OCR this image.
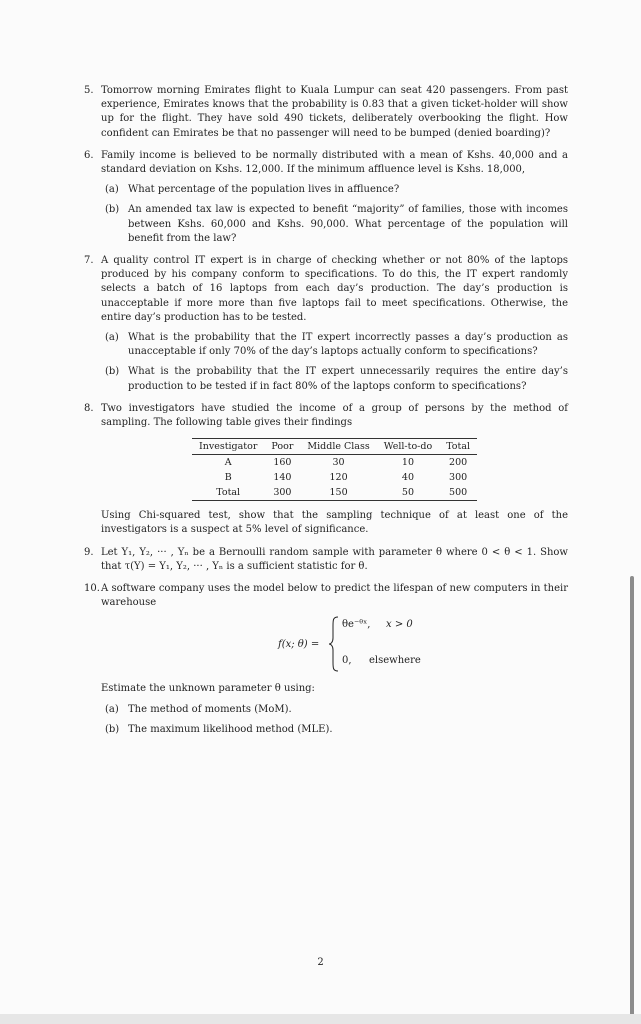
5. Tomorrow morning Emirates flight to Kuala Lumpur can seat 420 passengers. From past experience, Emirates knows that the probability is 0.83 that a given ticket-holder will show up for the flight. They have sold 490 tickets, deliberately overbooking the flight. How confident can Emirates be that no passenger will need to be bumped (denied boarding)?
6. Family income is believed to be normally distributed with a mean of Kshs. 40,000 and a standard deviation on Kshs. 12,000. If the minimum affluence level is Kshs. 18,000,
(a) What percentage of the population lives in affluence?
(b) An amended tax law is expected to benefit “majority” of families, those with incomes between Kshs. 60,000 and Kshs. 90,000. What percentage of the population will benefit from the law?
7. A quality control IT expert is in charge of checking whether or not 80% of the laptops produced by his company conform to specifications. To do this, the IT expert randomly selects a batch of 16 laptops from each day’s production. The day’s production is unacceptable if more more than five laptops fail to meet specifications. Otherwise, the entire day’s production has to be tested.
(a) What is the probability that the IT expert incorrectly passes a day’s production as unacceptable if only 70% of the day’s laptops actually conform to specifications?
(b) What is the probability that the IT expert unnecessarily requires the entire day’s production to be tested if in fact 80% of the laptops conform to specifications?
8. Two investigators have studied the income of a group of persons by the method of sampling. The following table gives their findings
Investigator	Poor	Middle Class	Well-to-do	Total
A	160	30	10	200
B	140	120	40	300
Total	300	150	50	500
Using Chi-squared test, show that the sampling technique of at least one of the investigators is a suspect at 5% level of significance.
9. Let Y₁, Y₂, ··· , Yₙ be a Bernoulli random sample with parameter θ where 0 < θ < 1. Show that τ(Y) = Y₁, Y₂, ··· , Yₙ is a sufficient statistic for θ.
10. A software company uses the model below to predict the lifespan of new computers in their warehouse
f(x; θ) =
θe⁻ᶿˣ, x > 0
0, elsewhere
Estimate the unknown parameter θ using:
(a) The method of moments (MoM).
(b) The maximum likelihood method (MLE).
2
